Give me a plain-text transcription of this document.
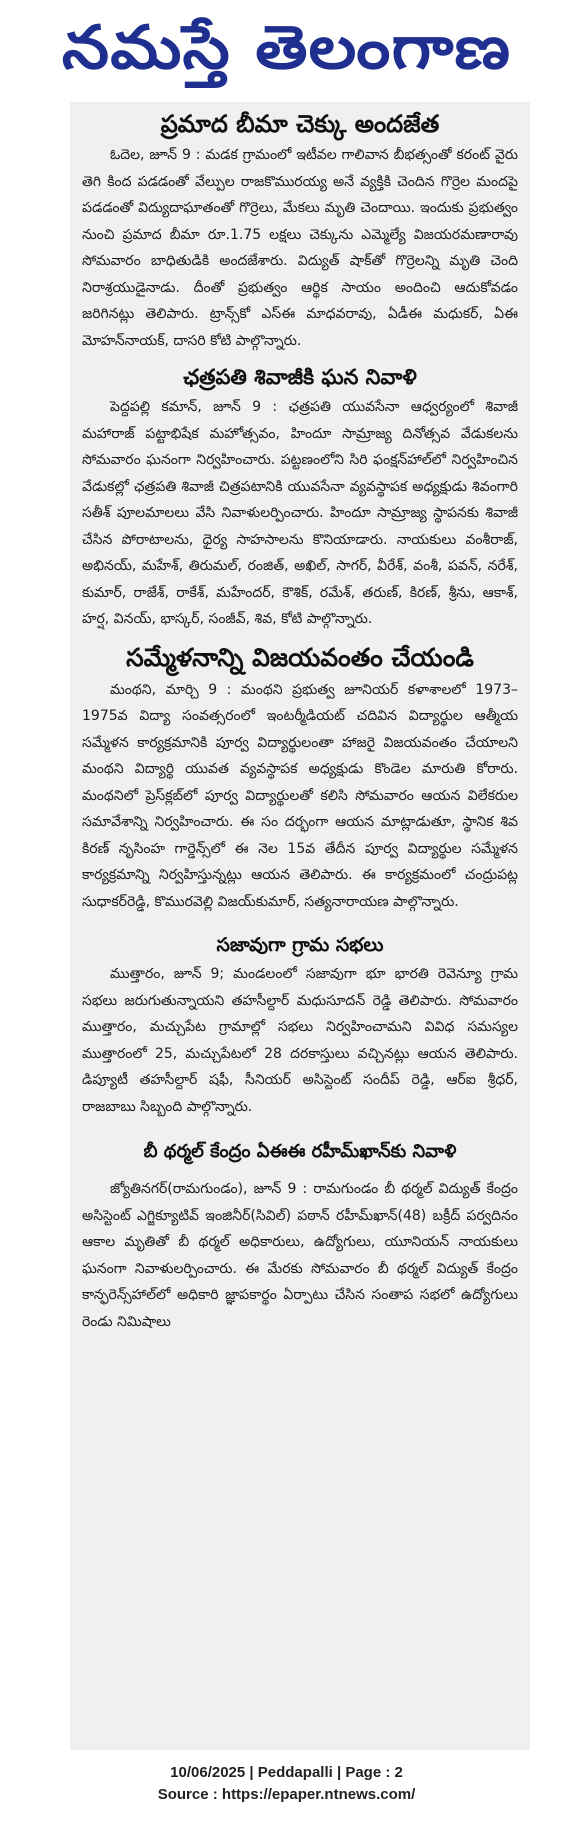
నమస్తే తెలంగాణ
ప్రమాద బీమా చెక్కు అందజేత

ఓదెల, జూన్ 9 : మడక గ్రామంలో ఇటీవల గాలివాన బీభత్సంతో కరంట్ వైరు తెగి కింద పడడంతో వేల్పుల రాజకొమురయ్య అనే వ్యక్తికి చెందిన గొర్రెల మందపై పడడంతో విద్యుదాఘాతంతో గొర్రెలు, మేకలు మృతి చెందాయి. ఇందుకు ప్రభుత్వం నుంచి ప్రమాద బీమా రూ.1.75 లక్షలు చెక్కును ఎమ్మెల్యే విజయరమణారావు సోమవారం బాధితుడికి అందజేశారు. విద్యుత్ షాక్‌తో గొర్రెలన్ని మృతి చెంది నిరాశ్రయుడైనాడు. దీంతో ప్రభుత్వం ఆర్థిక సాయం అందించి ఆదుకోవడం జరిగినట్లు తెలిపారు. ట్రాన్స్‌కో ఎస్ఈ మాధవరావు, ఏడీఈ మధుకర్, ఏఈ మోహన్‌నాయక్, దాసరి కోటి పాల్గొన్నారు.

ఛత్రపతి శివాజీకి ఘన నివాళి

పెద్దపల్లి కమాన్, జూన్ 9 : ఛత్రపతి యువసేనా ఆధ్వర్యంలో శివాజీ మహారాజ్ పట్టాభిషేక మహోత్సవం, హిందూ సామ్రాజ్య దినోత్సవ వేడుకలను సోమవారం ఘనంగా నిర్వహించారు. పట్టణంలోని సిరి ఫంక్షన్‌హాల్‌లో నిర్వహించిన వేడుకల్లో ఛత్రపతి శివాజీ చిత్రపటానికి యువసేనా వ్యవస్థాపక అధ్యక్షుడు శివంగారి సతీశ్ పూలమాలలు వేసి నివాళులర్పించారు. హిందూ సామ్రాజ్య స్థాపనకు శివాజీ చేసిన పోరాటాలను, ధైర్య సాహసాలను కొనియాడారు. నాయకులు వంశీరాజ్, అభినయ్, మహేశ్, తిరుమల్, రంజిత్, అఖిల్, సాగర్, వీరేశ్, వంశీ, పవన్, నరేశ్, కుమార్, రాజేశ్, రాకేశ్, మహేందర్, కౌశిక్, రమేశ్, తరుణ్, కిరణ్, శ్రీను, ఆకాశ్, హర్ష, వినయ్, భాస్కర్, సంజీవ్, శివ, కోటి పాల్గొన్నారు.

సమ్మేళనాన్ని విజయవంతం చేయండి

మంథని, మార్చి 9 : మంథని ప్రభుత్వ జూనియర్ కళాశాలలో 1973–1975వ విద్యా సంవత్సరంలో ఇంటర్మీడియట్ చదివిన విద్యార్థుల ఆత్మీయ సమ్మేళన కార్యక్రమానికి పూర్వ విద్యార్థులంతా హాజరై విజయవంతం చేయాలని మంథని విద్యార్థి యువత వ్యవస్థాపక అధ్యక్షుడు కొండెల మారుతి కోరారు. మంథనిలో ప్రెస్‌క్లబ్‌లో పూర్వ విద్యార్థులతో కలిసి సోమవారం ఆయన విలేకరుల సమావేశాన్ని నిర్వహించారు. ఈ సం దర్భంగా ఆయన మాట్లాడుతూ, స్థానిక శివ కిరణ్ నృసింహ గార్డెన్స్‌లో ఈ నెల 15వ తేదీన పూర్వ విద్యార్థుల సమ్మేళన కార్యక్రమాన్ని నిర్వహిస్తున్నట్లు ఆయన తెలిపారు. ఈ కార్యక్రమంలో చంద్రుపట్ల సుధాకర్‌రెడ్డి, కొమురవెల్లి విజయ్‌కుమార్, సత్యనారాయణ పాల్గొన్నారు.

సజావుగా గ్రామ సభలు

ముత్తారం, జూన్ 9; మండలంలో సజావుగా భూ భారతి రెవెన్యూ గ్రామ సభలు జరుగుతున్నాయని తహసీల్దార్ మధుసూదన్ రెడ్డి తెలిపారు. సోమవారం ముత్తారం, మచ్చుపేట గ్రామాల్లో సభలు నిర్వహించామని వివిధ సమస్యల ముత్తారంలో 25, మచ్చుపేటలో 28 దరకాస్తులు వచ్చినట్లు ఆయన తెలిపారు. డిప్యూటీ తహసీల్దార్ షఫీ, సీనియర్ అసిస్టెంట్ సందీప్ రెడ్డి, ఆర్ఐ శ్రీధర్, రాజబాబు సిబ్బంది పాల్గొన్నారు.

బీ థర్మల్ కేంద్రం ఏఈఈ రహీమ్‌ఖాన్‌కు నివాళి

జ్యోతినగర్(రామగుండం), జూన్ 9 : రామగుండం బీ థర్మల్ విద్యుత్ కేంద్రం అసిస్టెంట్ ఎగ్జిక్యూటివ్ ఇంజినీర్(సివిల్) పఠాన్ రహీమ్‌ఖాన్(48) బక్రీద్ పర్వదినం ఆకాల మృతితో బీ థర్మల్ అధికారులు, ఉద్యోగులు, యూనియన్ నాయకులు ఘనంగా నివాళులర్పించారు. ఈ మేరకు సోమవారం బీ థర్మల్ విద్యుత్ కేంద్రం కాన్ఫరెన్స్‌హాల్‌లో అధికారి జ్ఞాపకార్థం ఏర్పాటు చేసిన సంతాప సభలో ఉద్యోగులు రెండు నిమిషాలు

10/06/2025 | Peddapalli | Page : 2
Source : https://epaper.ntnews.com/
